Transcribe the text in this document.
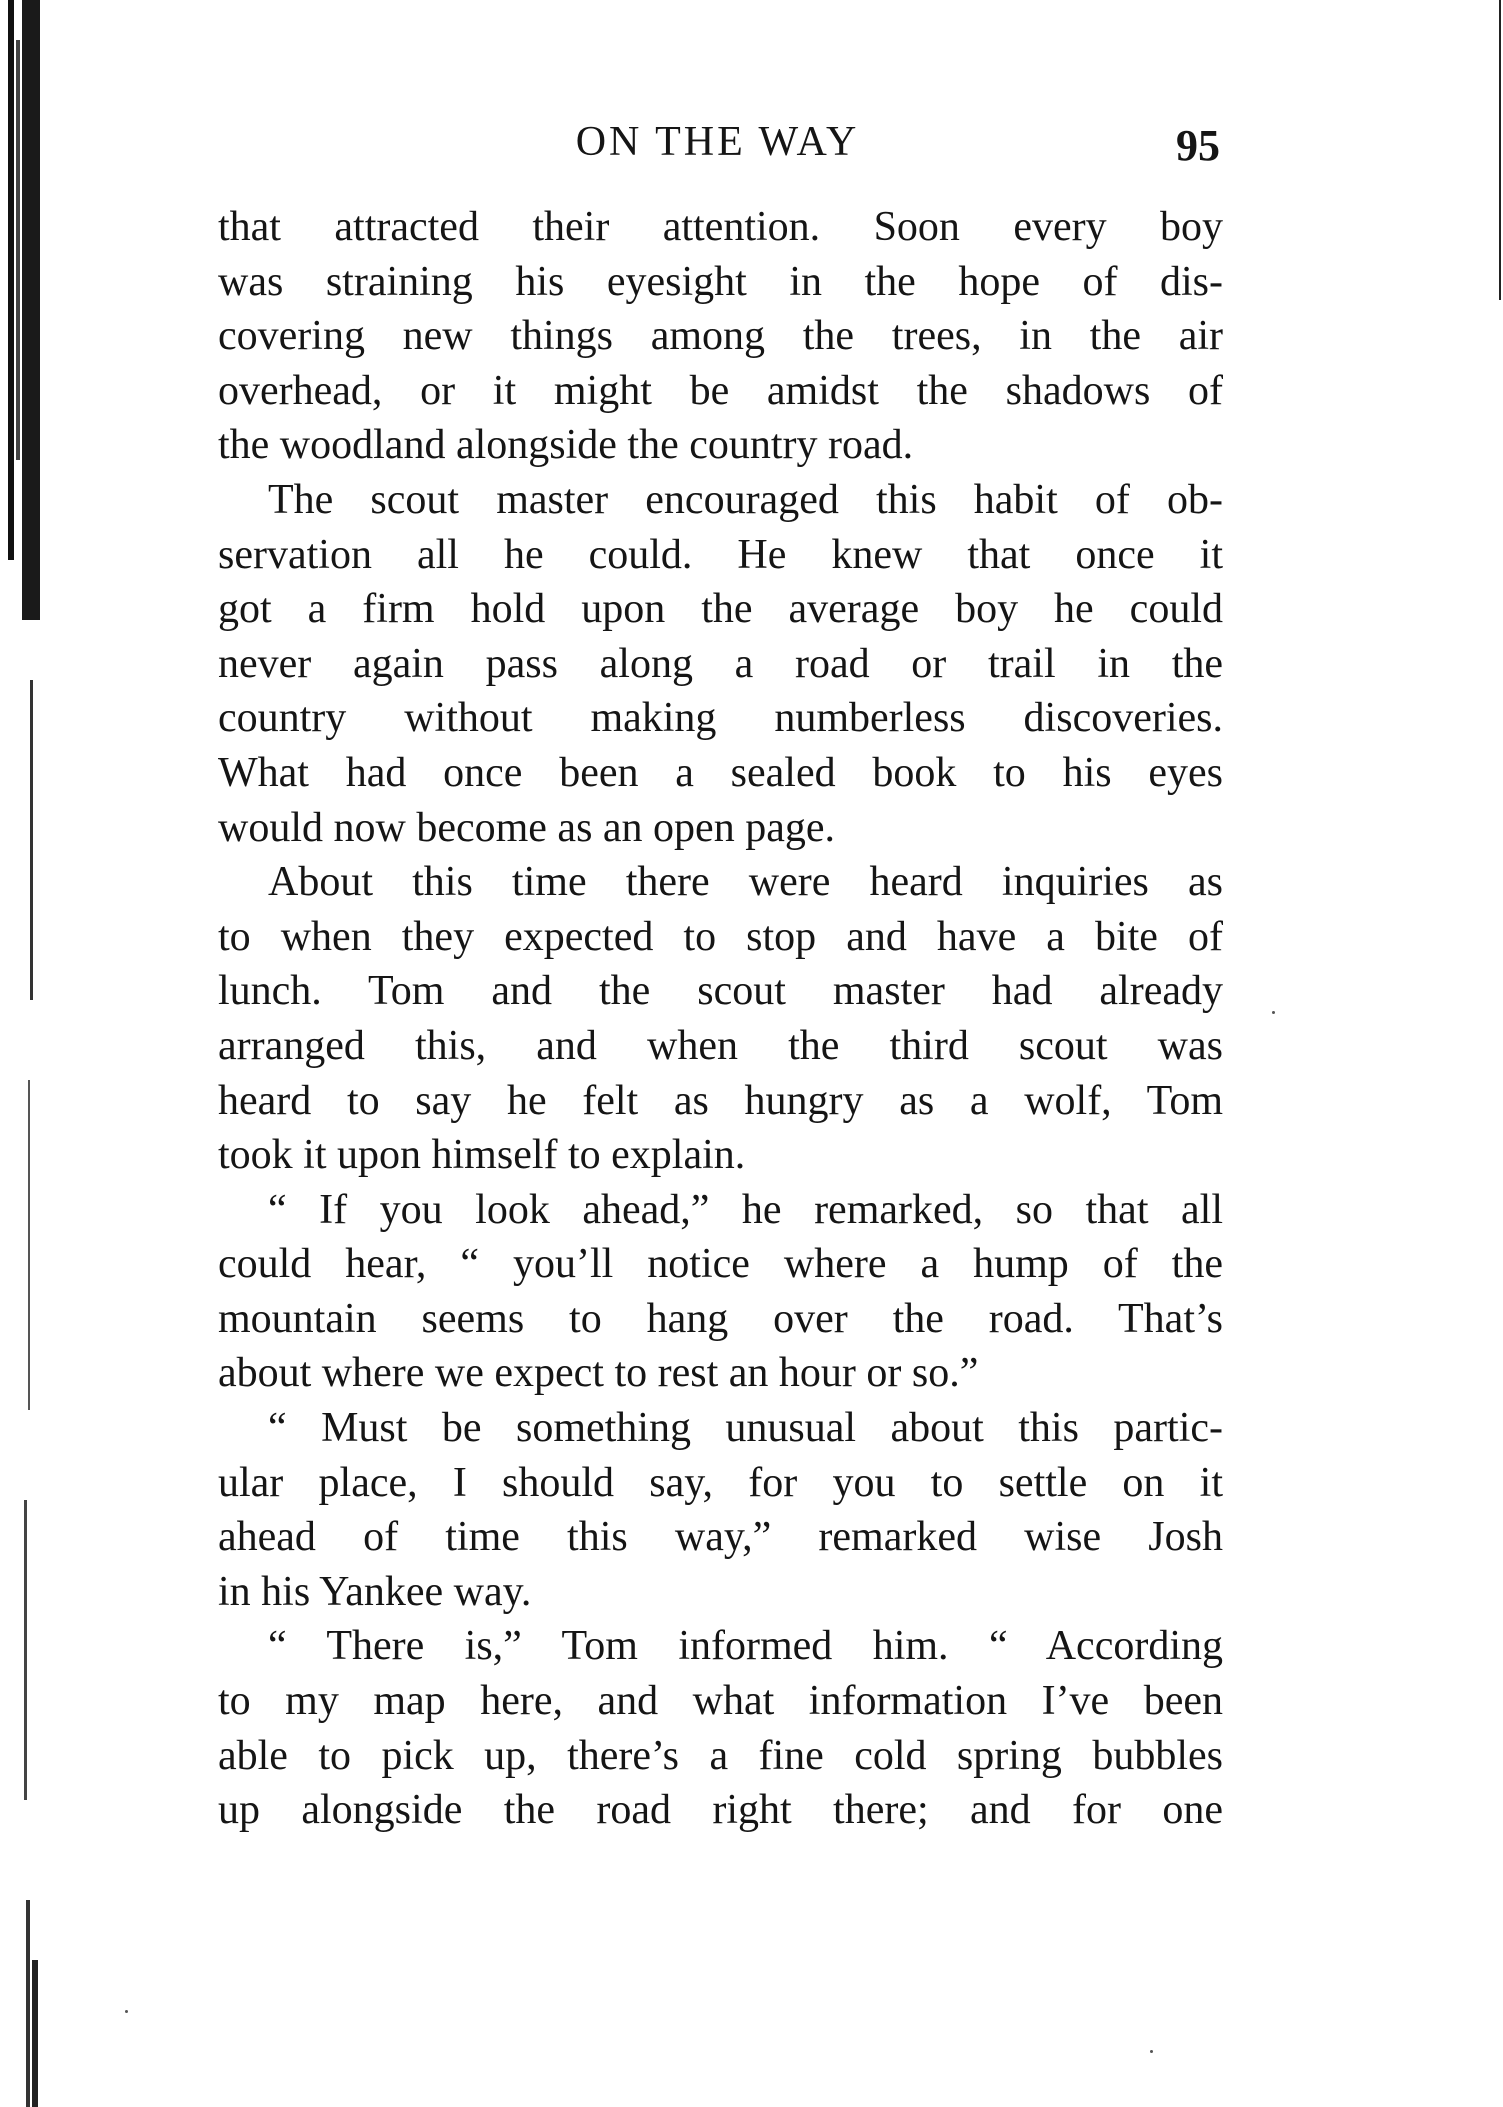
ON THE WAY	95
that attracted their attention. Soon every boy
was straining his eyesight in the hope of dis-
covering new things among the trees, in the air
overhead, or it might be amidst the shadows of
the woodland alongside the country road.
The scout master encouraged this habit of ob-
servation all he could. He knew that once it
got a firm hold upon the average boy he could
never again pass along a road or trail in the
country without making numberless discoveries.
What had once been a sealed book to his eyes
would now become as an open page.
About this time there were heard inquiries as
to when they expected to stop and have a bite of
lunch. Tom and the scout master had already
arranged this, and when the third scout was
heard to say he felt as hungry as a wolf, Tom
took it upon himself to explain.
“ If you look ahead,” he remarked, so that all
could hear, “ you’ll notice where a hump of the
mountain seems to hang over the road. That’s
about where we expect to rest an hour or so.”
“ Must be something unusual about this partic-
ular place, I should say, for you to settle on it
ahead of time this way,” remarked wise Josh
in his Yankee way.
“ There is,” Tom informed him. “ According
to my map here, and what information I’ve been
able to pick up, there’s a fine cold spring bubbles
up alongside the road right there; and for one
